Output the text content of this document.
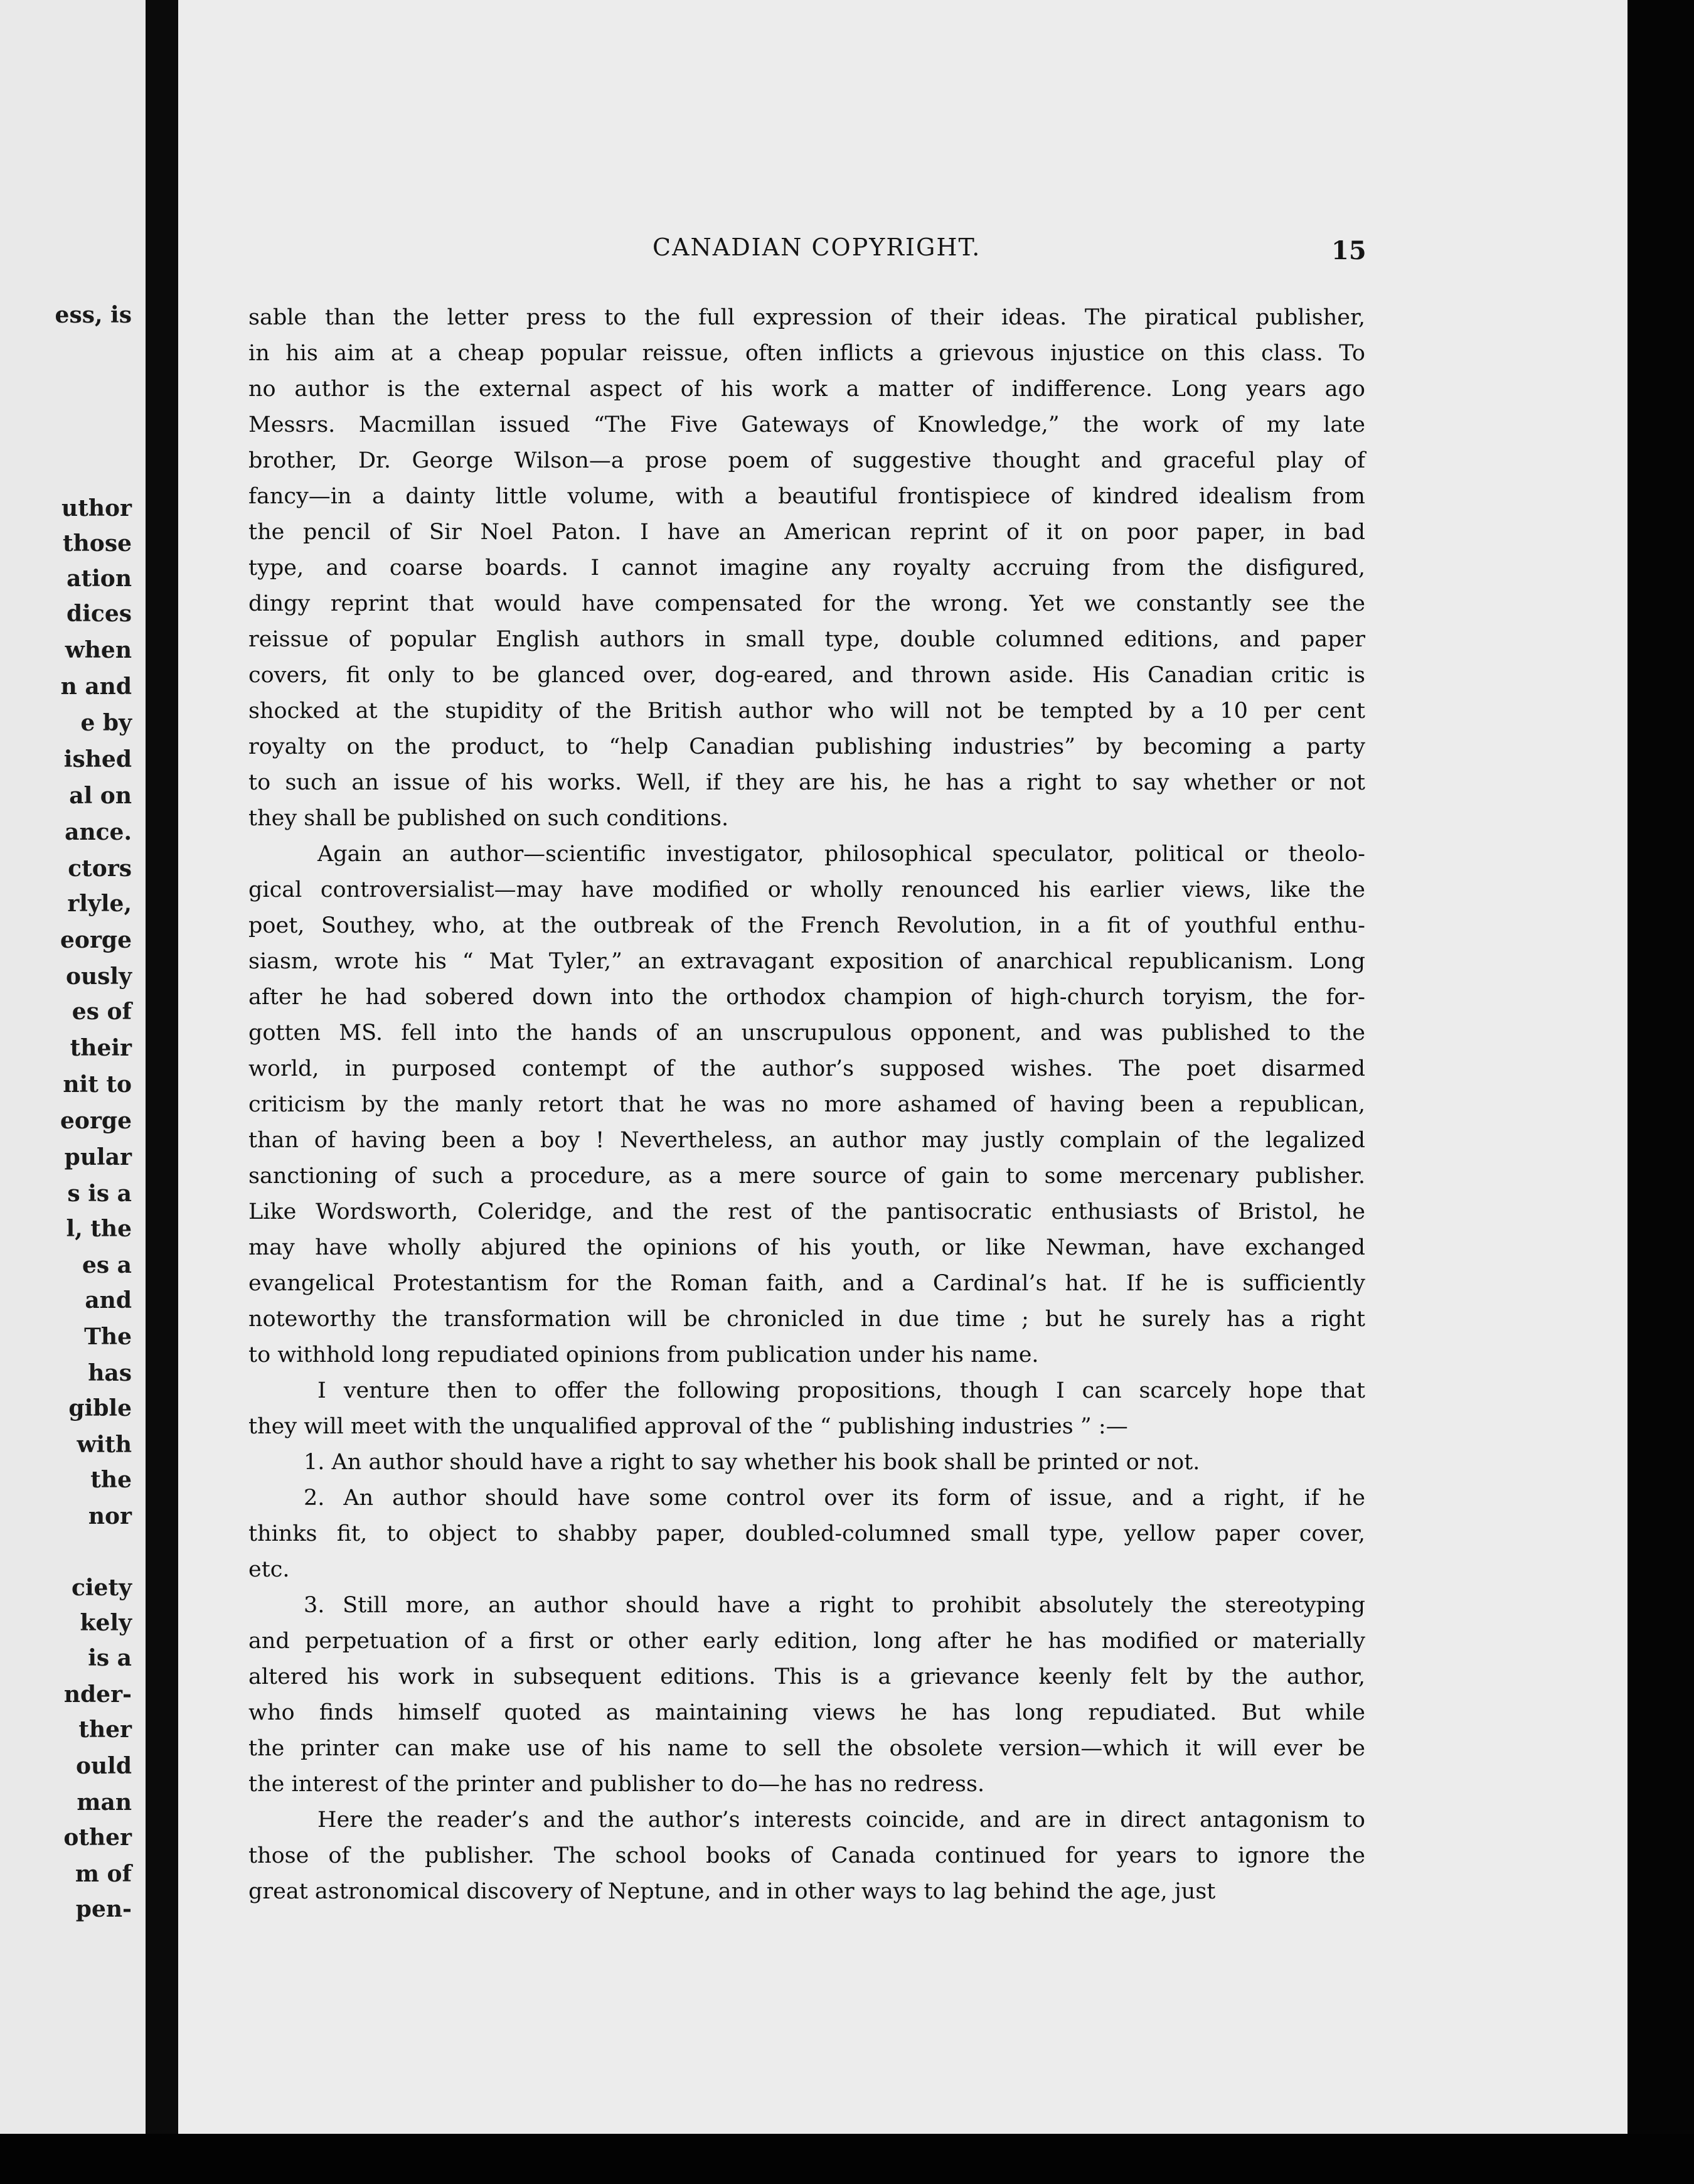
ess, is
uthor
those
ation
dices
when
n and
e by
ished
al on
ance.
ctors
rlyle,
eorge
ously
es of
their
nit to
eorge
pular
s is a
l, the
es a
and
The
has
gible
with
the
nor
ciety
kely
is a
nder-
ther
ould
man
other
m of
pen-
CANADIAN COPYRIGHT.	15
sable than the letter press to the full expression of their ideas. The piratical publisher,
in his aim at a cheap popular reissue, often inflicts a grievous injustice on this class. To
no author is the external aspect of his work a matter of indifference. Long years ago
Messrs. Macmillan issued “The Five Gateways of Knowledge,” the work of my late
brother, Dr. George Wilson—a prose poem of suggestive thought and graceful play of
fancy—in a dainty little volume, with a beautiful frontispiece of kindred idealism from
the pencil of Sir Noel Paton. I have an American reprint of it on poor paper, in bad
type, and coarse boards. I cannot imagine any royalty accruing from the disfigured,
dingy reprint that would have compensated for the wrong. Yet we constantly see the
reissue of popular English authors in small type, double columned editions, and paper
covers, fit only to be glanced over, dog-eared, and thrown aside. His Canadian critic is
shocked at the stupidity of the British author who will not be tempted by a 10 per cent
royalty on the product, to “help Canadian publishing industries” by becoming a party
to such an issue of his works. Well, if they are his, he has a right to say whether or not
they shall be published on such conditions.
Again an author—scientific investigator, philosophical speculator, political or theolo-
gical controversialist—may have modified or wholly renounced his earlier views, like the
poet, Southey, who, at the outbreak of the French Revolution, in a fit of youthful enthu-
siasm, wrote his “ Mat Tyler,” an extravagant exposition of anarchical republicanism. Long
after he had sobered down into the orthodox champion of high-church toryism, the for-
gotten MS. fell into the hands of an unscrupulous opponent, and was published to the
world, in purposed contempt of the author’s supposed wishes. The poet disarmed
criticism by the manly retort that he was no more ashamed of having been a republican,
than of having been a boy ! Nevertheless, an author may justly complain of the legalized
sanctioning of such a procedure, as a mere source of gain to some mercenary publisher.
Like Wordsworth, Coleridge, and the rest of the pantisocratic enthusiasts of Bristol, he
may have wholly abjured the opinions of his youth, or like Newman, have exchanged
evangelical Protestantism for the Roman faith, and a Cardinal’s hat. If he is sufficiently
noteworthy the transformation will be chronicled in due time ; but he surely has a right
to withhold long repudiated opinions from publication under his name.
I venture then to offer the following propositions, though I can scarcely hope that
they will meet with the unqualified approval of the “ publishing industries ” :—
1. An author should have a right to say whether his book shall be printed or not.
2. An author should have some control over its form of issue, and a right, if he
thinks fit, to object to shabby paper, doubled-columned small type, yellow paper cover,
etc.
3. Still more, an author should have a right to prohibit absolutely the stereotyping
and perpetuation of a first or other early edition, long after he has modified or materially
altered his work in subsequent editions. This is a grievance keenly felt by the author,
who finds himself quoted as maintaining views he has long repudiated. But while
the printer can make use of his name to sell the obsolete version—which it will ever be
the interest of the printer and publisher to do—he has no redress.
Here the reader’s and the author’s interests coincide, and are in direct antagonism to
those of the publisher. The school books of Canada continued for years to ignore the
great astronomical discovery of Neptune, and in other ways to lag behind the age, just
